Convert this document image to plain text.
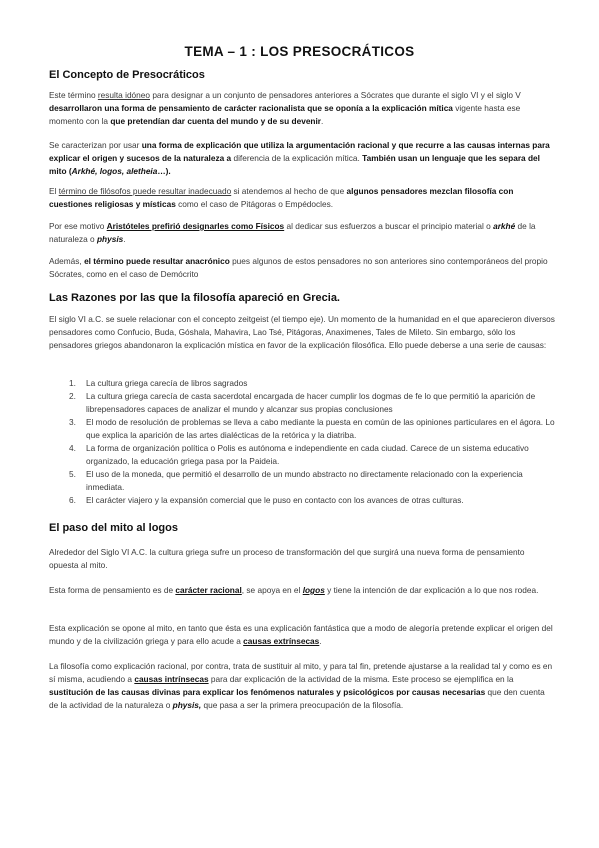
TEMA – 1 : LOS PRESOCRÁTICOS
El Concepto de Presocráticos

Este término resulta idóneo para designar a un conjunto de pensadores anteriores a Sócrates que durante el siglo VI y el siglo V desarrollaron una forma de pensamiento de carácter racionalista que se oponía a la explicación mítica vigente hasta ese momento con la que pretendían dar cuenta del mundo y de su devenir.

Se caracterizan por usar una forma de explicación que utiliza la argumentación racional y que recurre a las causas internas para explicar el origen y sucesos de la naturaleza a diferencia de la explicación mítica. También usan un lenguaje que les separa del mito (Arkhé, logos, aletheia…).

El término de filósofos puede resultar inadecuado si atendemos al hecho de que algunos pensadores mezclan filosofía con cuestiones religiosas y místicas como el caso de Pitágoras o Empédocles.

Por ese motivo Aristóteles prefirió designarles como Físicos al dedicar sus esfuerzos a buscar el principio material o arkhé de la naturaleza o physis.

Además, el término puede resultar anacrónico pues algunos de estos pensadores no son anteriores sino contemporáneos del propio Sócrates, como en el caso de Demócrito

Las Razones por las que la filosofía apareció en Grecia.

El siglo VI a.C. se suele relacionar con el concepto zeitgeist (el tiempo eje). Un momento de la humanidad en el que aparecieron diversos pensadores como Confucio, Buda, Góshala, Mahavira, Lao Tsé, Pitágoras, Anaximenes, Tales de Mileto. Sin embargo, sólo los pensadores griegos abandonaron la explicación mística en favor de la explicación filosófica. Ello puede deberse a una serie de causas:

1. La cultura griega carecía de libros sagrados
2. La cultura griega carecía de casta sacerdotal encargada de hacer cumplir los dogmas de fe lo que permitió la aparición de librepensadores capaces de analizar el mundo y alcanzar sus propias conclusiones
3. El modo de resolución de problemas se lleva a cabo mediante la puesta en común de las opiniones particulares en el ágora. Lo que explica la aparición de las artes dialécticas de la retórica y la diatriba.
4. La forma de organización política o Polis es autónoma e independiente en cada ciudad. Carece de un sistema educativo organizado, la educación griega pasa por la Paideia.
5. El uso de la moneda, que permitió el desarrollo de un mundo abstracto no directamente relacionado con la experiencia inmediata.
6. El carácter viajero y la expansión comercial que le puso en contacto con los avances de otras culturas.
El paso del mito al logos

Alrededor del Siglo VI A.C. la cultura griega sufre un proceso de transformación del que surgirá una nueva forma de pensamiento opuesta al mito.

Esta forma de pensamiento es de carácter racional, se apoya en el logos y tiene la intención de dar explicación a lo que nos rodea.

Esta explicación se opone al mito, en tanto que ésta es una explicación fantástica que a modo de alegoría pretende explicar el origen del mundo y de la civilización griega y para ello acude a causas extrínsecas.

La filosofía como explicación racional, por contra, trata de sustituir al mito, y para tal fin, pretende ajustarse a la realidad tal y como es en sí misma, acudiendo a causas intrínsecas para dar explicación de la actividad de la misma. Este proceso se ejemplifica en la sustitución de las causas divinas para explicar los fenómenos naturales y psicológicos por causas necesarias que den cuenta de la actividad de la naturaleza o physis, que pasa a ser la primera preocupación de la filosofía.
